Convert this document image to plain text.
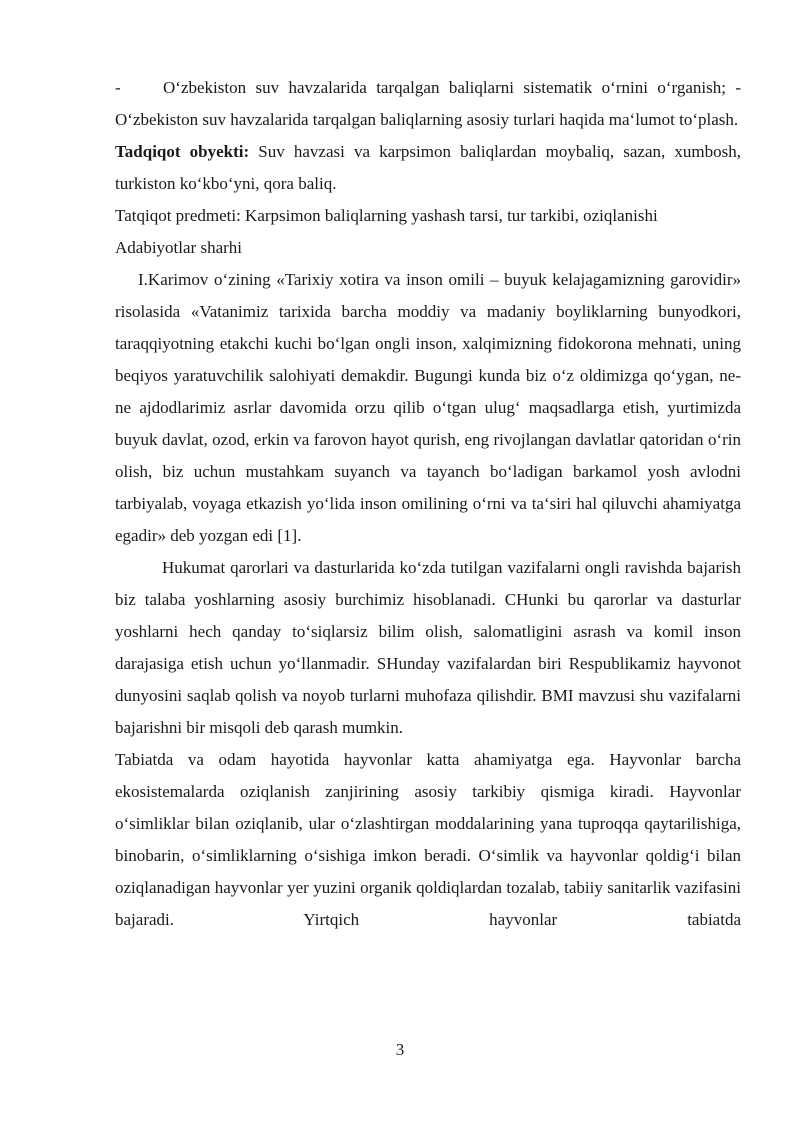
- O‘zbekiston suv havzalarida tarqalgan baliqlarni sistematik o‘rnini o‘rganish; - O‘zbekiston suv havzalarida tarqalgan baliqlarning asosiy turlari haqida ma‘lumot to‘plash.

Tadqiqot obyekti: Suv havzasi va karpsimon baliqlardan moybaliq, sazan, xumbosh, turkiston ko‘kbo‘yni, qora baliq.

Tatqiqot predmeti: Karpsimon baliqlarning yashash tarsi, tur tarkibi, oziqlanishi

Adabiyotlar sharhi

I.Karimov o‘zining «Tarixiy xotira va inson omili – buyuk kelajagamizning garovidir» risolasida «Vatanimiz tarixida barcha moddiy va madaniy boyliklarning bunyodkori, taraqqiyotning etakchi kuchi bo‘lgan ongli inson, xalqimizning fidokorona mehnati, uning beqiyos yaratuvchilik salohiyati demakdir. Bugungi kunda biz o‘z oldimizga qo‘ygan, ne-ne ajdodlarimiz asrlar davomida orzu qilib o‘tgan ulug‘ maqsadlarga etish, yurtimizda buyuk davlat, ozod, erkin va farovon hayot qurish, eng rivojlangan davlatlar qatoridan o‘rin olish, biz uchun mustahkam suyanch va tayanch bo‘ladigan barkamol yosh avlodni tarbiyalab, voyaga etkazish yo‘lida inson omilining o‘rni va ta‘siri hal qiluvchi ahamiyatga egadir» deb yozgan edi [1].

Hukumat qarorlari va dasturlarida ko‘zda tutilgan vazifalarni ongli ravishda bajarish biz talaba yoshlarning asosiy burchimiz hisoblanadi. CHunki bu qarorlar va dasturlar yoshlarni hech qanday to‘siqlarsiz bilim olish, salomatligini asrash va komil inson darajasiga etish uchun yo‘llanmadir. SHunday vazifalardan biri Respublikamiz hayvonot dunyosini saqlab qolish va noyob turlarni muhofaza qilishdir. BMI mavzusi shu vazifalarni bajarishni bir misqoli deb qarash mumkin.

Tabiatda va odam hayotida hayvonlar katta ahamiyatga ega. Hayvonlar barcha ekosistemalarda oziqlanish zanjirining asosiy tarkibiy qismiga kiradi. Hayvonlar o‘simliklar bilan oziqlanib, ular o‘zlashtirgan moddalarining yana tuproqqa qaytarilishiga, binobarin, o‘simliklarning o‘sishiga imkon beradi. O‘simlik va hayvonlar qoldig‘i bilan oziqlanadigan hayvonlar yer yuzini organik qoldiqlardan tozalab, tabiiy sanitarlik vazifasini bajaradi. Yirtqich hayvonlar tabiatda

3
